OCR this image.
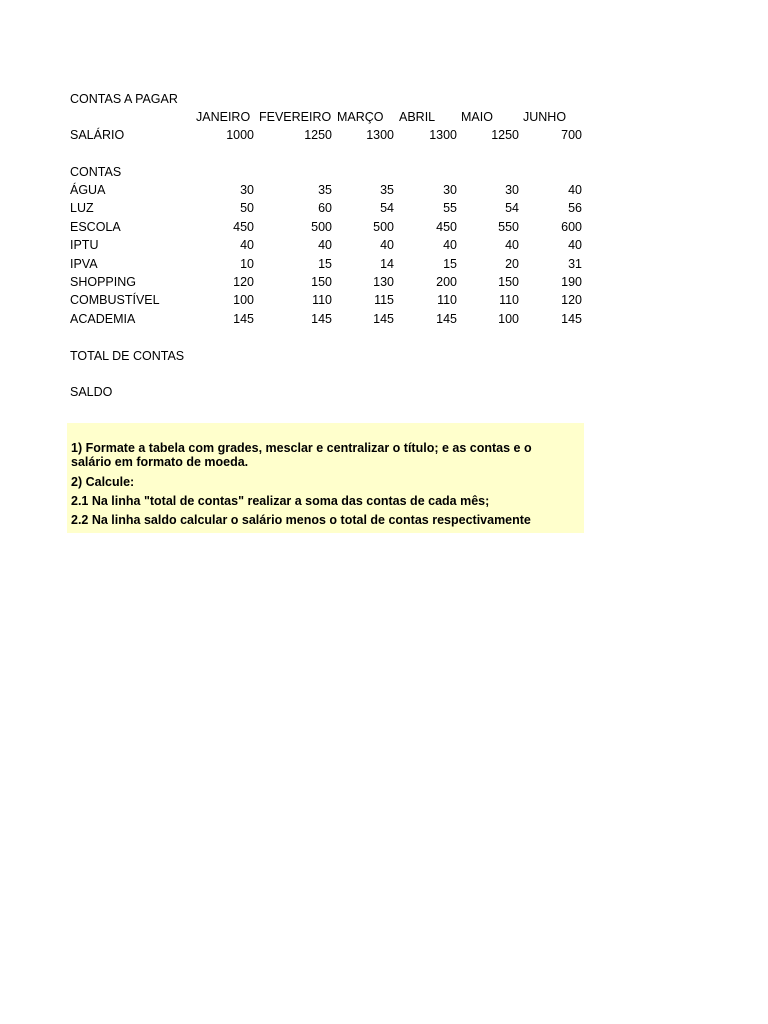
CONTAS A PAGAR
JANEIRO FEVEREIRO MARÇO ABRIL MAIO JUNHO
SALÁRIO	1000	1250	1300	1300	1250	700
CONTAS
ÁGUA	30	35	35	30	30	40
LUZ	50	60	54	55	54	56
ESCOLA	450	500	500	450	550	600
IPTU	40	40	40	40	40	40
IPVA	10	15	14	15	20	31
SHOPPING	120	150	130	200	150	190
COMBUSTÍVEL	100	110	115	110	110	120
ACADEMIA	145	145	145	145	100	145
TOTAL DE CONTAS
SALDO
1) Formate a tabela com grades, mesclar e centralizar o título; e as contas e o salário em formato de moeda.
2) Calcule:
2.1 Na linha "total de contas" realizar a soma das contas de cada mês;
2.2 Na linha saldo calcular o salário menos o total de contas respectivamente
